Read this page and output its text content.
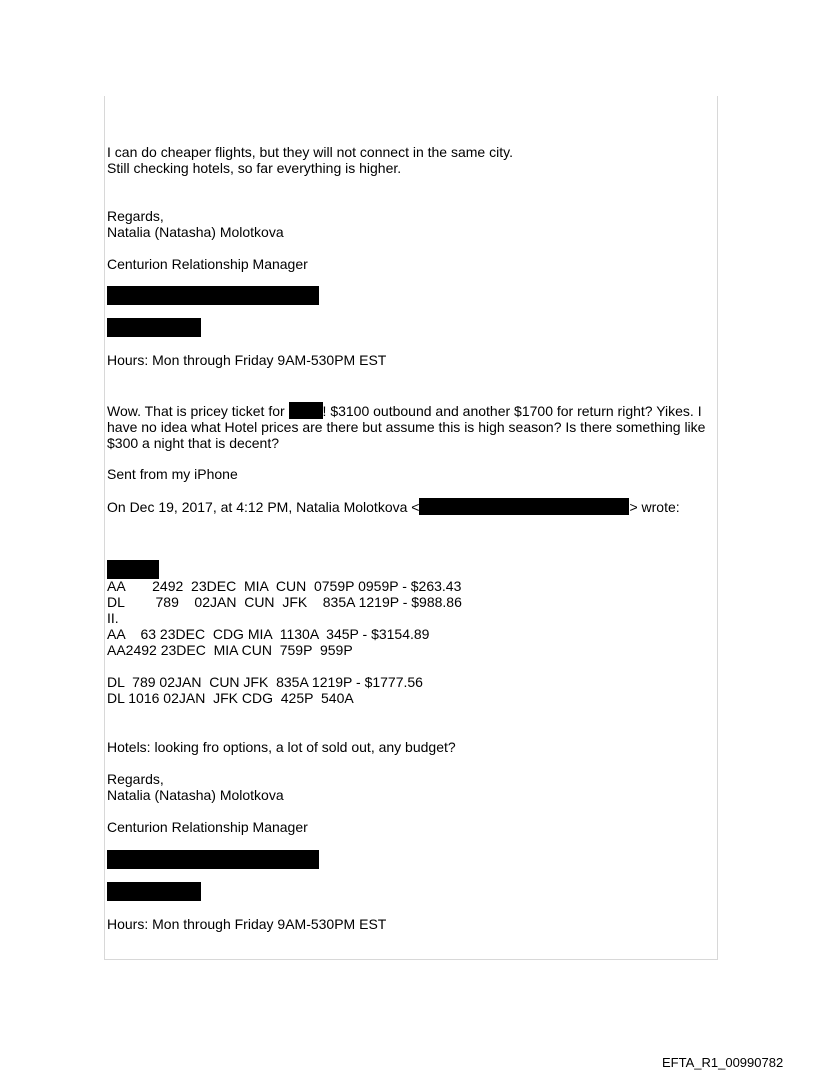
I can do cheaper flights, but they will not connect in the same city.
Still checking hotels, so far everything is higher.
Regards,
Natalia (Natasha) Molotkova
Centurion Relationship Manager
Hours: Mon through Friday 9AM-530PM EST
Wow. That is pricey ticket for ! $3100 outbound and another $1700 for return right? Yikes. I have no idea what Hotel prices are there but assume this is high season? Is there something like $300 a night that is decent?
Sent from my iPhone
On Dec 19, 2017, at 4:12 PM, Natalia Molotkova <	> wrote:
AA       2492  23DEC  MIA  CUN  0759P 0959P - $263.43
DL        789    02JAN  CUN  JFK    835A 1219P - $988.86
II.
AA    63 23DEC  CDG MIA  1130A  345P - $3154.89
AA2492 23DEC  MIA CUN  759P  959P
DL  789 02JAN  CUN JFK  835A 1219P - $1777.56
DL 1016 02JAN  JFK CDG  425P  540A
Hotels: looking fro options, a lot of sold out, any budget?
Regards,
Natalia (Natasha) Molotkova
Centurion Relationship Manager
Hours: Mon through Friday 9AM-530PM EST
EFTA_R1_00990782
